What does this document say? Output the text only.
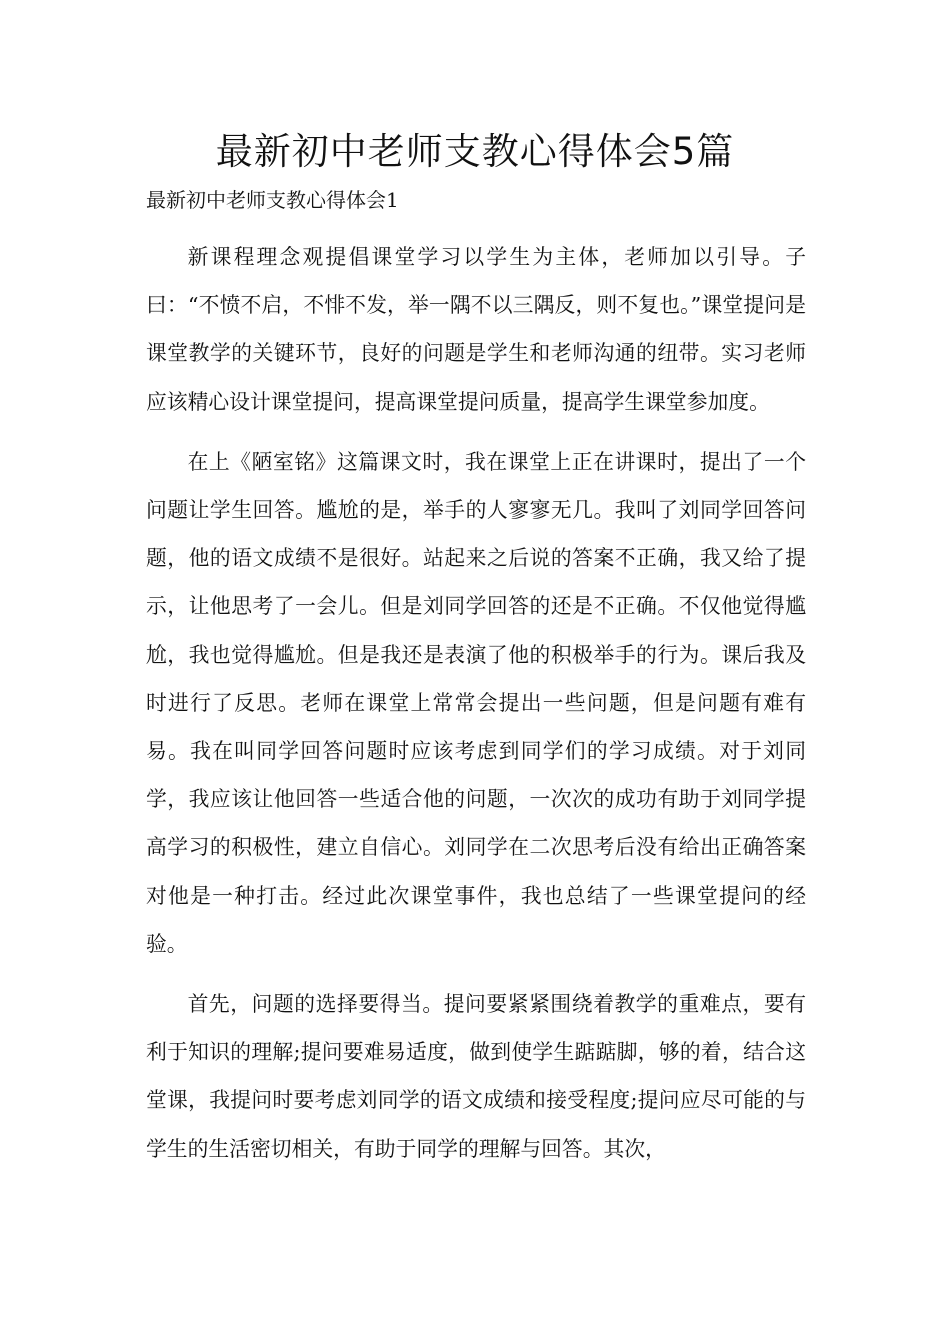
最新初中老师支教心得体会5篇
最新初中老师支教心得体会1

新课程理念观提倡课堂学习以学生为主体，老师加以引导。子曰：“不愤不启，不悱不发，举一隅不以三隅反，则不复也。”课堂提问是课堂教学的关键环节，良好的问题是学生和老师沟通的纽带。实习老师应该精心设计课堂提问，提高课堂提问质量，提高学生课堂参加度。

在上《陋室铭》这篇课文时，我在课堂上正在讲课时，提出了一个问题让学生回答。尴尬的是，举手的人寥寥无几。我叫了刘同学回答问题，他的语文成绩不是很好。站起来之后说的答案不正确，我又给了提示，让他思考了一会儿。但是刘同学回答的还是不正确。不仅他觉得尴尬，我也觉得尴尬。但是我还是表演了他的积极举手的行为。课后我及时进行了反思。老师在课堂上常常会提出一些问题，但是问题有难有易。我在叫同学回答问题时应该考虑到同学们的学习成绩。对于刘同学，我应该让他回答一些适合他的问题，一次次的成功有助于刘同学提高学习的积极性，建立自信心。刘同学在二次思考后没有给出正确答案对他是一种打击。经过此次课堂事件，我也总结了一些课堂提问的经验。

首先，问题的选择要得当。提问要紧紧围绕着教学的重难点，要有利于知识的理解;提问要难易适度，做到使学生踮踮脚，够的着，结合这堂课，我提问时要考虑刘同学的语文成绩和接受程度;提问应尽可能的与学生的生活密切相关，有助于同学的理解与回答。其次，
